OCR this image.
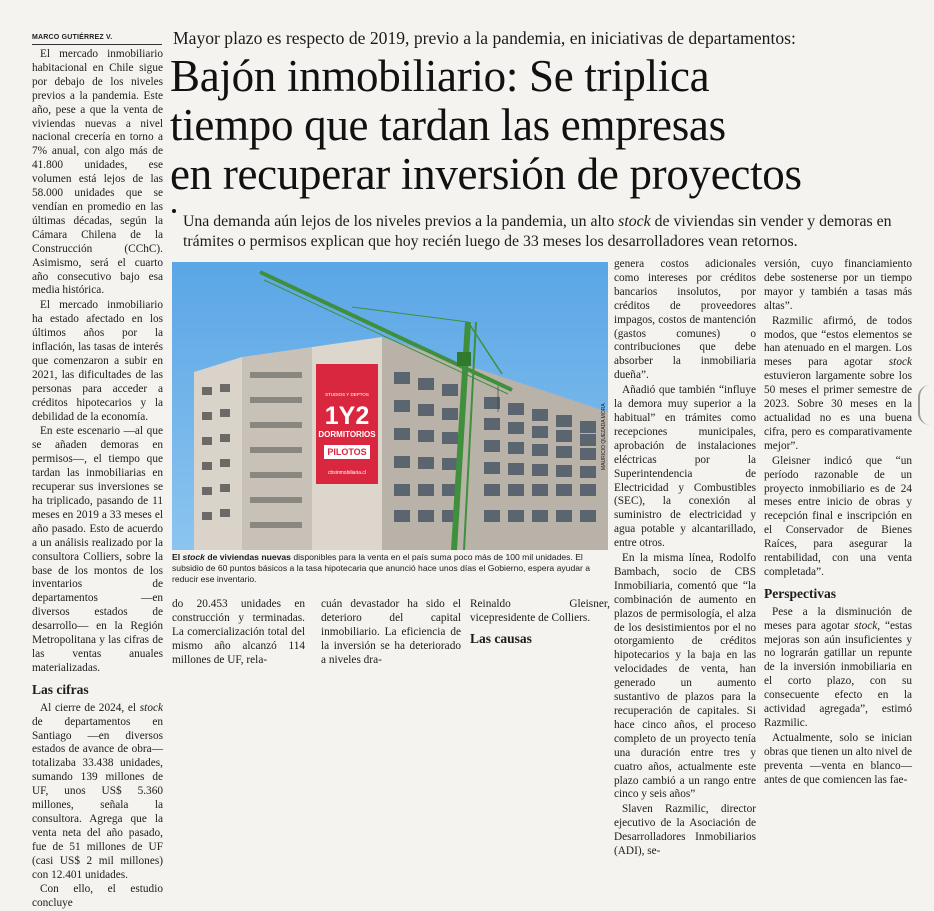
MARCO GUTIÉRREZ V.	Mayor plazo es respecto de 2019, previo a la pandemia, en iniciativas de departamentos:
Bajón inmobiliario: Se triplica
tiempo que tardan las empresas
en recuperar inversión de proyectos
Una demanda aún lejos de los niveles previos a la pandemia, un alto stock de viviendas sin vender y demoras en trámites o permisos explican que hoy recién luego de 33 meses los desarrolladores vean retornos.

El mercado inmobiliario habitacional en Chile sigue por debajo de los niveles previos a la pandemia. Este año, pese a que la venta de viviendas nuevas a nivel nacional crecería en torno a 7% anual, con algo más de 41.800 unidades, ese volumen está lejos de las 58.000 unidades que se vendían en promedio en las últimas décadas, según la Cámara Chilena de la Construcción (CChC). Asimismo, será el cuarto año consecutivo bajo esa media histórica.

El mercado inmobiliario ha estado afectado en los últimos años por la inflación, las tasas de interés que comenzaron a subir en 2021, las dificultades de las personas para acceder a créditos hipotecarios y la debilidad de la economía.

En este escenario —al que se añaden demoras en permisos—, el tiempo que tardan las inmobiliarias en recuperar sus inversiones se ha triplicado, pasando de 11 meses en 2019 a 33 meses el año pasado. Esto de acuerdo a un análisis realizado por la consultora Colliers, sobre la base de los montos de los inventarios de departamentos —en diversos estados de desarrollo— en la Región Metropolitana y las cifras de las ventas anuales materializadas.

Las cifras

Al cierre de 2024, el stock de departamentos en Santiago —en diversos estados de avance de obra— totalizaba 33.438 unidades, sumando 139 millones de UF, unos US$ 5.360 millones, señala la consultora. Agrega que la venta neta del año pasado, fue de 51 millones de UF (casi US$ 2 mil millones) con 12.401 unidades.

Con ello, el estudio concluye

STUDIOS Y DEPTOS
1Y2
DORMITORIOS
PILOTOS
cbsinmobiliaria.cl
MAURICIO QUEZADA MORA
El stock de viviendas nuevas disponibles para la venta en el país suma poco más de 100 mil unidades. El subsidio de 60 puntos básicos a la tasa hipotecaria que anunció hace unos días el Gobierno, espera ayudar a reducir ese inventario.

do 20.453 unidades en construcción y terminadas. La comercialización total del mismo año alcanzó 114 millones de UF, rela-

cuán devastador ha sido el deterioro del capital inmobiliario. La eficiencia de la inversión se ha deteriorado a niveles dra-

Reinaldo Gleisner, vicepresidente de Colliers.

Las causas

genera costos adicionales como intereses por créditos bancarios insolutos, por créditos de proveedores impagos, costos de mantención (gastos comunes) o contribuciones que debe absorber la inmobiliaria dueña”.

Añadió que también “influye la demora muy superior a la habitual” en trámites como recepciones municipales, aprobación de instalaciones eléctricas por la Superintendencia de Electricidad y Combustibles (SEC), la conexión al suministro de electricidad y agua potable y alcantarillado, entre otros.

En la misma línea, Rodolfo Bambach, socio de CBS Inmobiliaria, comentó que “la combinación de aumento en plazos de permisología, el alza de los desistimientos por el no otorgamiento de créditos hipotecarios y la baja en las velocidades de venta, han generado un aumento sustantivo de plazos para la recuperación de capitales. Si hace cinco años, el proceso completo de un proyecto tenía una duración entre tres y cuatro años, actualmente este plazo cambió a un rango entre cinco y seis años”

Slaven Razmilic, director ejecutivo de la Asociación de Desarrolladores Inmobiliarios (ADI), se-

versión, cuyo financiamiento debe sostenerse por un tiempo mayor y también a tasas más altas”.

Razmilic afirmó, de todos modos, que “estos elementos se han atenuado en el margen. Los meses para agotar stock estuvieron largamente sobre los 50 meses el primer semestre de 2023. Sobre 30 meses en la actualidad no es una buena cifra, pero es comparativamente mejor”.

Gleisner indicó que “un período razonable de un proyecto inmobiliario es de 24 meses entre inicio de obras y recepción final e inscripción en el Conservador de Bienes Raíces, para asegurar la rentabilidad, con una venta completada”.

Perspectivas

Pese a la disminución de meses para agotar stock, “estas mejoras son aún insuficientes y no lograrán gatillar un repunte de la inversión inmobiliaria en el corto plazo, con su consecuente efecto en la actividad agregada”, estimó Razmilic.

Actualmente, solo se inician obras que tienen un alto nivel de preventa —venta en blanco— antes de que comiencen las fae-
